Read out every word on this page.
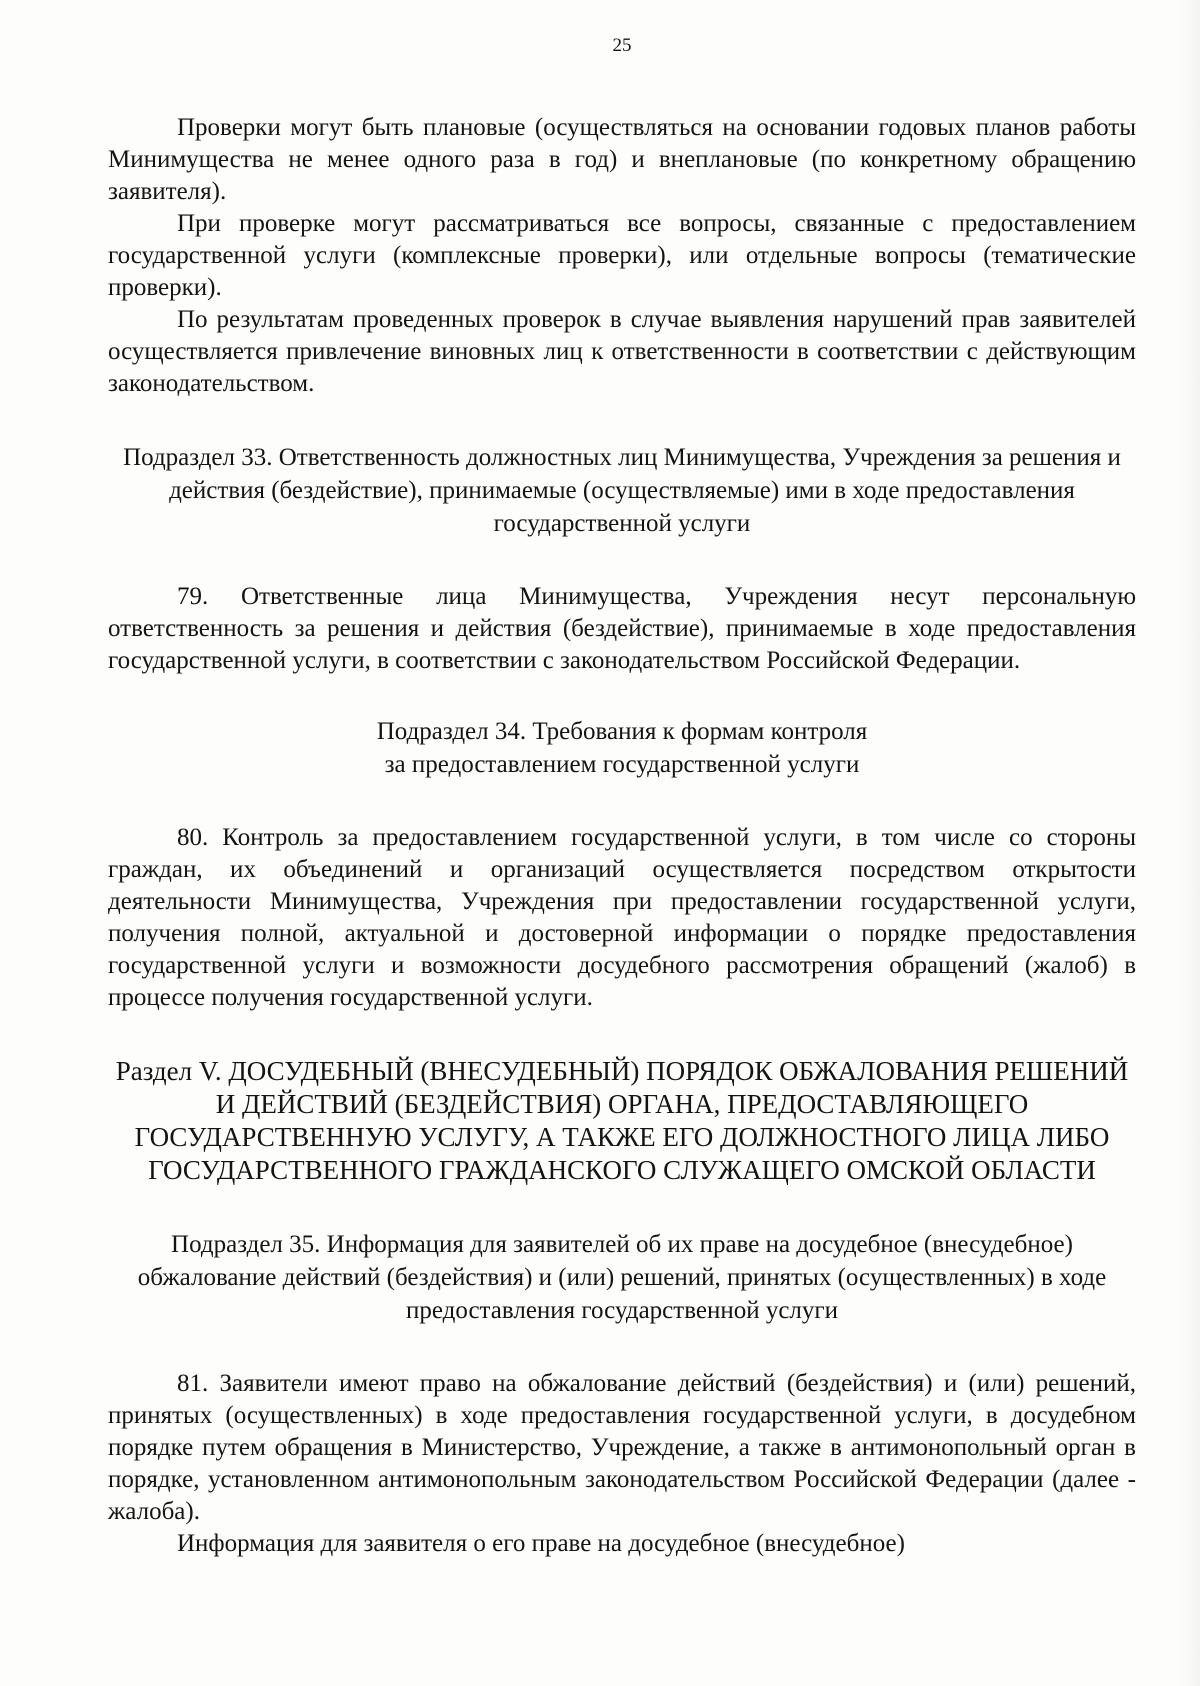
25

Проверки могут быть плановые (осуществляться на основании годовых планов работы Минимущества не менее одного раза в год) и внеплановые (по конкретному обращению заявителя).

При проверке могут рассматриваться все вопросы, связанные с предоставлением государственной услуги (комплексные проверки), или отдельные вопросы (тематические проверки).

По результатам проведенных проверок в случае выявления нарушений прав заявителей осуществляется привлечение виновных лиц к ответственности в соответствии с действующим законодательством.

Подраздел 33. Ответственность должностных лиц Минимущества, Учреждения за решения и действия (бездействие), принимаемые (осуществляемые) ими в ходе предоставления государственной услуги

79. Ответственные лица Минимущества, Учреждения несут персональную ответственность за решения и действия (бездействие), принимаемые в ходе предоставления государственной услуги, в соответствии с законодательством Российской Федерации.

Подраздел 34. Требования к формам контроля
за предоставлением государственной услуги

80. Контроль за предоставлением государственной услуги, в том числе со стороны граждан, их объединений и организаций осуществляется посредством открытости деятельности Минимущества, Учреждения при предоставлении государственной услуги, получения полной, актуальной и достоверной информации о порядке предоставления государственной услуги и возможности досудебного рассмотрения обращений (жалоб) в процессе получения государственной услуги.

Раздел V. ДОСУДЕБНЫЙ (ВНЕСУДЕБНЫЙ) ПОРЯДОК ОБЖАЛОВАНИЯ РЕШЕНИЙ И ДЕЙСТВИЙ (БЕЗДЕЙСТВИЯ) ОРГАНА, ПРЕДОСТАВЛЯЮЩЕГО ГОСУДАРСТВЕННУЮ УСЛУГУ, А ТАКЖЕ ЕГО ДОЛЖНОСТНОГО ЛИЦА ЛИБО ГОСУДАРСТВЕННОГО ГРАЖДАНСКОГО СЛУЖАЩЕГО ОМСКОЙ ОБЛАСТИ

Подраздел 35. Информация для заявителей об их праве на досудебное (внесудебное) обжалование действий (бездействия) и (или) решений, принятых (осуществленных) в ходе предоставления государственной услуги

81. Заявители имеют право на обжалование действий (бездействия) и (или) решений, принятых (осуществленных) в ходе предоставления государственной услуги, в досудебном порядке путем обращения в Министерство, Учреждение, а также в антимонопольный орган в порядке, установленном антимонопольным законодательством Российской Федерации (далее - жалоба).

Информация для заявителя о его праве на досудебное (внесудебное)
